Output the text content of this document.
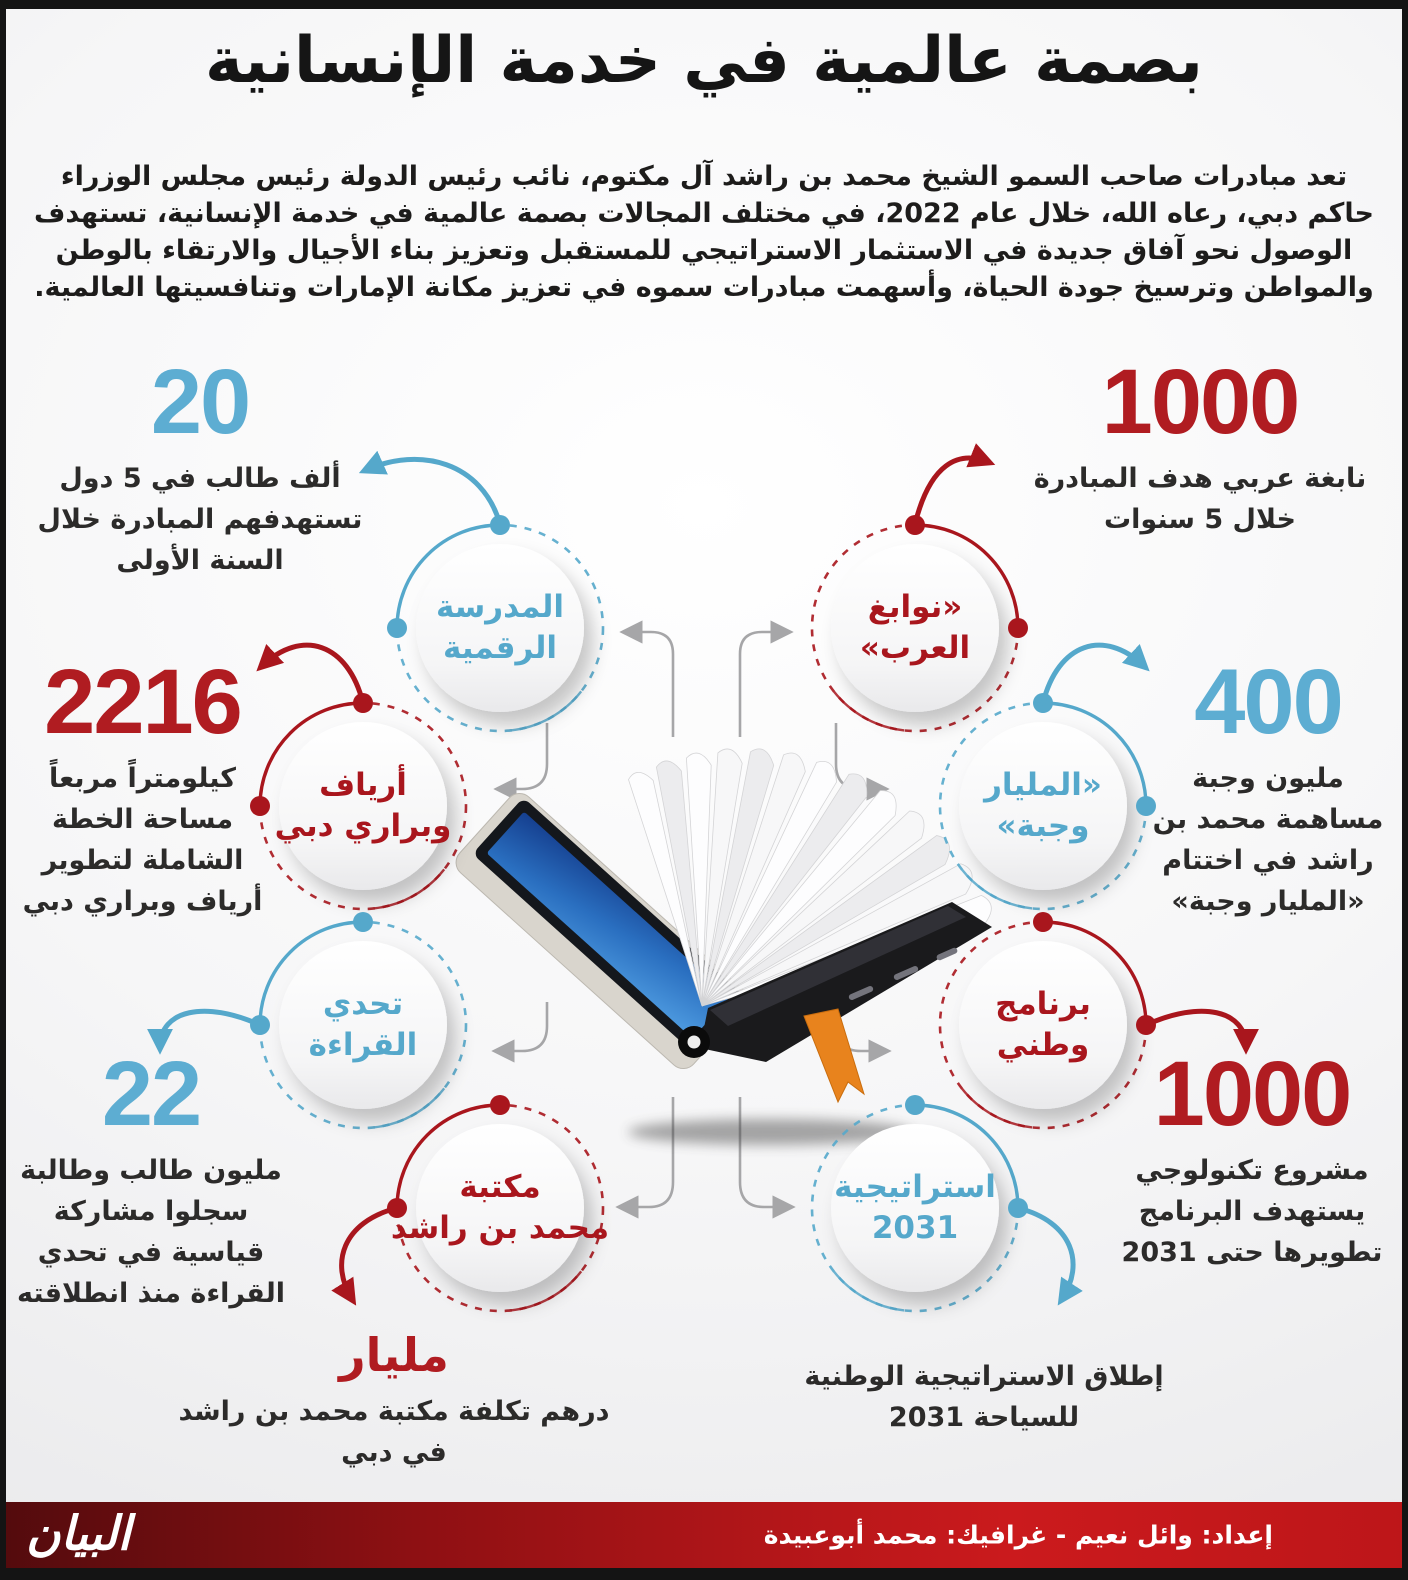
بصمة عالمية في خدمة الإنسانية
تعد مبادرات صاحب السمو الشيخ محمد بن راشد آل مكتوم، نائب رئيس الدولة رئيس مجلس الوزراء حاكم دبي، رعاه الله، خلال عام 2022، في مختلف المجالات بصمة عالمية في خدمة الإنسانية، تستهدف الوصول نحو آفاق جديدة في الاستثمار الاستراتيجي للمستقبل وتعزيز بناء الأجيال والارتقاء بالوطن والمواطن وترسيخ جودة الحياة، وأسهمت مبادرات سموه في تعزيز مكانة الإمارات وتنافسيتها العالمية.
المدرسة
الرقمية
«نوابغ
العرب»
أرياف
وبراري دبي
«المليار
وجبة»
تحدي
القراءة
برنامج
وطني
مكتبة
محمد بن راشد
استراتيجية
2031
20
ألف طالب في 5 دول تستهدفهم المبادرة خلال السنة الأولى
1000
نابغة عربي هدف المبادرة خلال 5 سنوات
2216
كيلومتراً مربعاً مساحة الخطة الشاملة لتطوير أرياف وبراري دبي
400
مليون وجبة مساهمة محمد بن راشد في اختتام «المليار وجبة»
22
مليون طالب وطالبة سجلوا مشاركة قياسية في تحدي القراءة منذ انطلاقته
1000
مشروع تكنولوجي يستهدف البرنامج تطويرها حتى 2031
مليار
درهم تكلفة مكتبة محمد بن راشد في دبي
إطلاق الاستراتيجية الوطنية للسياحة 2031
إعداد: وائل نعيم - غرافيك: محمد أبوعبيدة
البيان
